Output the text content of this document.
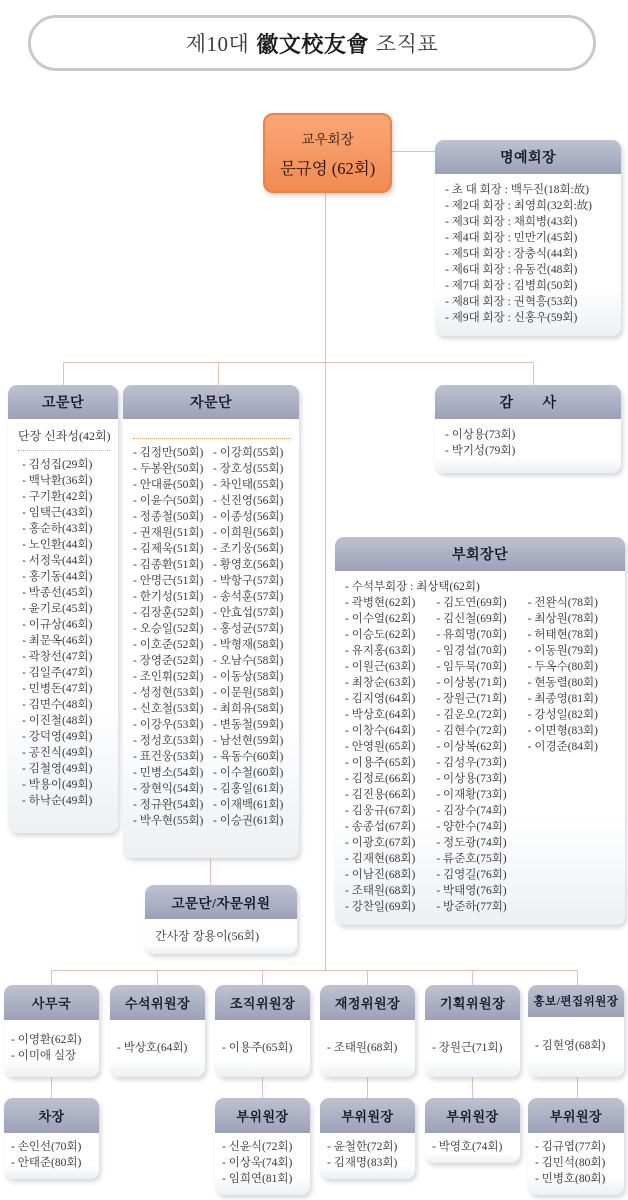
제10대 徽文校友會 조직표
교우회장
문규영 (62회)	명예회장
- 초 대 회장 : 백두진(18회:故)
- 제2대 회장 : 최영희(32회:故)
- 제3대 회장 : 채희병(43회)
- 제4대 회장 : 민만기(45회)
- 제5대 회장 : 장충식(44회)
- 제6대 회장 : 유동건(48회)
- 제7대 회장 : 김병희(50회)
- 제8대 회장 : 권혁흥(53회)
- 제9대 회장 : 신홍우(59회)
고문단
단장 신좌성(42회)
- 김성집(29회)
- 백낙환(36회)
- 구기환(42회)
- 임택근(43회)
- 홍순하(43회)
- 노인환(44회)
- 서정욱(44회)
- 홍기동(44회)
- 박종선(45회)
- 윤기로(45회)
- 이규상(46회)
- 최문옥(46회)
- 곽창선(47회)
- 김일주(47회)
- 민병돈(47회)
- 김면수(48회)
- 이진철(48회)
- 강덕영(49회)
- 공진식(49회)
- 김철영(49회)
- 박용이(49회)
- 하낙순(49회)
자문단
- 김정만(50회)
- 두봉완(50회)
- 안대륜(50회)
- 이윤수(50회)
- 정종철(50회)
- 권재원(51회)
- 김제욱(51회)
- 김종환(51회)
- 안명근(51회)
- 한기성(51회)
- 김장훈(52회)
- 오승일(52회)
- 이호준(52회)
- 장영준(52회)
- 조인휘(52회)
- 성정현(53회)
- 신호철(53회)
- 이강우(53회)
- 정성호(53회)
- 표건웅(53회)
- 민병소(54회)
- 장현익(54회)
- 정규완(54회)
- 박우현(55회)
- 이강희(55회)
- 장호성(55회)
- 차인태(55회)
- 신진영(56회)
- 이종성(56회)
- 이희원(56회)
- 조기웅(56회)
- 황영호(56회)
- 박항구(57회)
- 송석훈(57회)
- 안효섭(57회)
- 홍성균(57회)
- 박형재(58회)
- 오남수(58회)
- 이동상(58회)
- 이문원(58회)
- 최희유(58회)
- 변동철(59회)
- 남선현(59회)
- 육동수(60회)
- 이수철(60회)
- 김홍일(61회)
- 이재백(61회)
- 이승권(61회)
감　　사
- 이상용(73회)
- 박기성(79회)
부회장단
- 수석부회장 : 최상택(62회)
- 곽병현(62회)
- 이수열(62회)
- 이승도(62회)
- 유지홍(63회)
- 이원근(63회)
- 최창순(63회)
- 김지영(64회)
- 박상호(64회)
- 이창수(64회)
- 안영원(65회)
- 이용주(65회)
- 김정로(66회)
- 김진용(66회)
- 김웅규(67회)
- 송종섭(67회)
- 이광호(67회)
- 김재현(68회)
- 이남진(68회)
- 조태원(68회)
- 강찬일(69회)
- 김도연(69회)
- 김신철(69회)
- 유희명(70회)
- 임경섭(70회)
- 임두묵(70회)
- 이상봉(71회)
- 장원근(71회)
- 김운오(72회)
- 김현수(72회)
- 이상복(62회)
- 김성우(73회)
- 이상용(73회)
- 이재황(73회)
- 김장수(74회)
- 양한수(74회)
- 정도광(74회)
- 류준호(75회)
- 김영길(76회)
- 박태영(76회)
- 방준하(77회)
- 전완식(78회)
- 최상원(78회)
- 허태현(78회)
- 이동원(79회)
- 두옥수(80회)
- 현동렬(80회)
- 최종영(81회)
- 강성일(82회)
- 이면형(83회)
- 이경준(84회)
고문단/자문위원
간사장 장용이(56회)
사무국
- 이영환(62회)
- 이미애 실장
수석위원장
- 박상호(64회)
조직위원장
- 이용주(65회)
재정위원장
- 조태원(68회)
기획위원장
- 장원근(71회)
홍보/편집위원장
- 김현영(68회)
차장
- 손인선(70회)
- 안태준(80회)
부위원장
- 신윤식(72회)
- 이상욱(74회)
- 임희연(81회)
부위원장
- 윤철한(72회)
- 김재명(83회)
부위원장
- 박영호(74회)
부위원장
- 김규엽(77회)
- 김민석(80회)
- 민병호(80회)
